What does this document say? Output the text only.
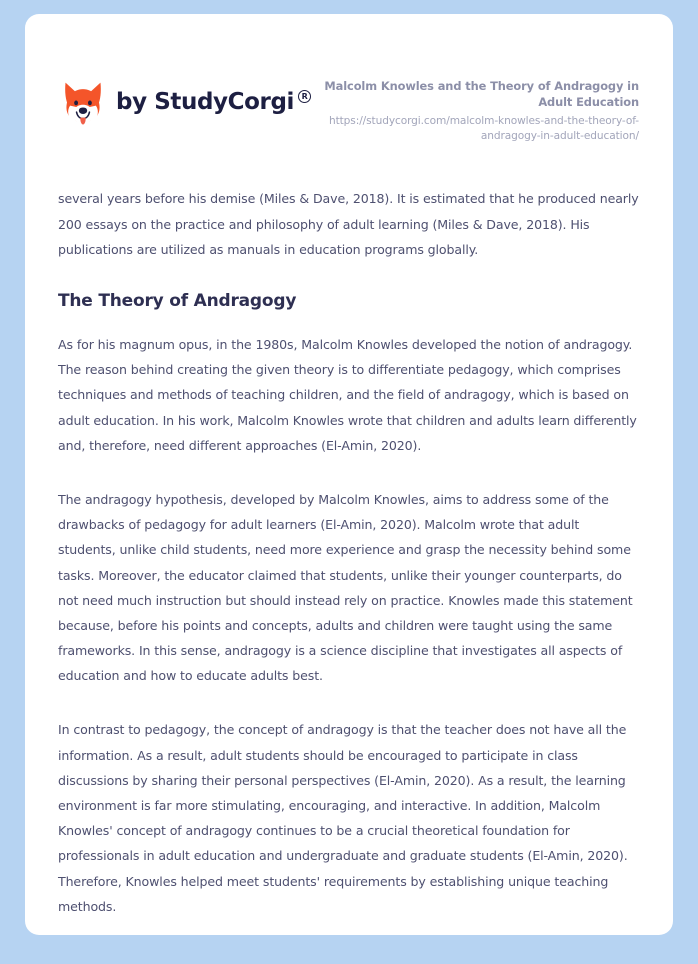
by StudyCorgi R
Malcolm Knowles and the Theory of Andragogy in Adult Education
https://studycorgi.com/malcolm-knowles-and-the-theory-of-andragogy-in-adult-education/

several years before his demise (Miles & Dave, 2018). It is estimated that he produced nearly 200 essays on the practice and philosophy of adult learning (Miles & Dave, 2018). His publications are utilized as manuals in education programs globally.

The Theory of Andragogy

As for his magnum opus, in the 1980s, Malcolm Knowles developed the notion of andragogy. The reason behind creating the given theory is to differentiate pedagogy, which comprises techniques and methods of teaching children, and the field of andragogy, which is based on adult education. In his work, Malcolm Knowles wrote that children and adults learn differently and, therefore, need different approaches (El-Amin, 2020).

The andragogy hypothesis, developed by Malcolm Knowles, aims to address some of the drawbacks of pedagogy for adult learners (El-Amin, 2020). Malcolm wrote that adult students, unlike child students, need more experience and grasp the necessity behind some tasks. Moreover, the educator claimed that students, unlike their younger counterparts, do not need much instruction but should instead rely on practice. Knowles made this statement because, before his points and concepts, adults and children were taught using the same frameworks. In this sense, andragogy is a science discipline that investigates all aspects of education and how to educate adults best.

In contrast to pedagogy, the concept of andragogy is that the teacher does not have all the information. As a result, adult students should be encouraged to participate in class discussions by sharing their personal perspectives (El-Amin, 2020). As a result, the learning environment is far more stimulating, encouraging, and interactive. In addition, Malcolm Knowles' concept of andragogy continues to be a crucial theoretical foundation for professionals in adult education and undergraduate and graduate students (El-Amin, 2020). Therefore, Knowles helped meet students' requirements by establishing unique teaching methods.
